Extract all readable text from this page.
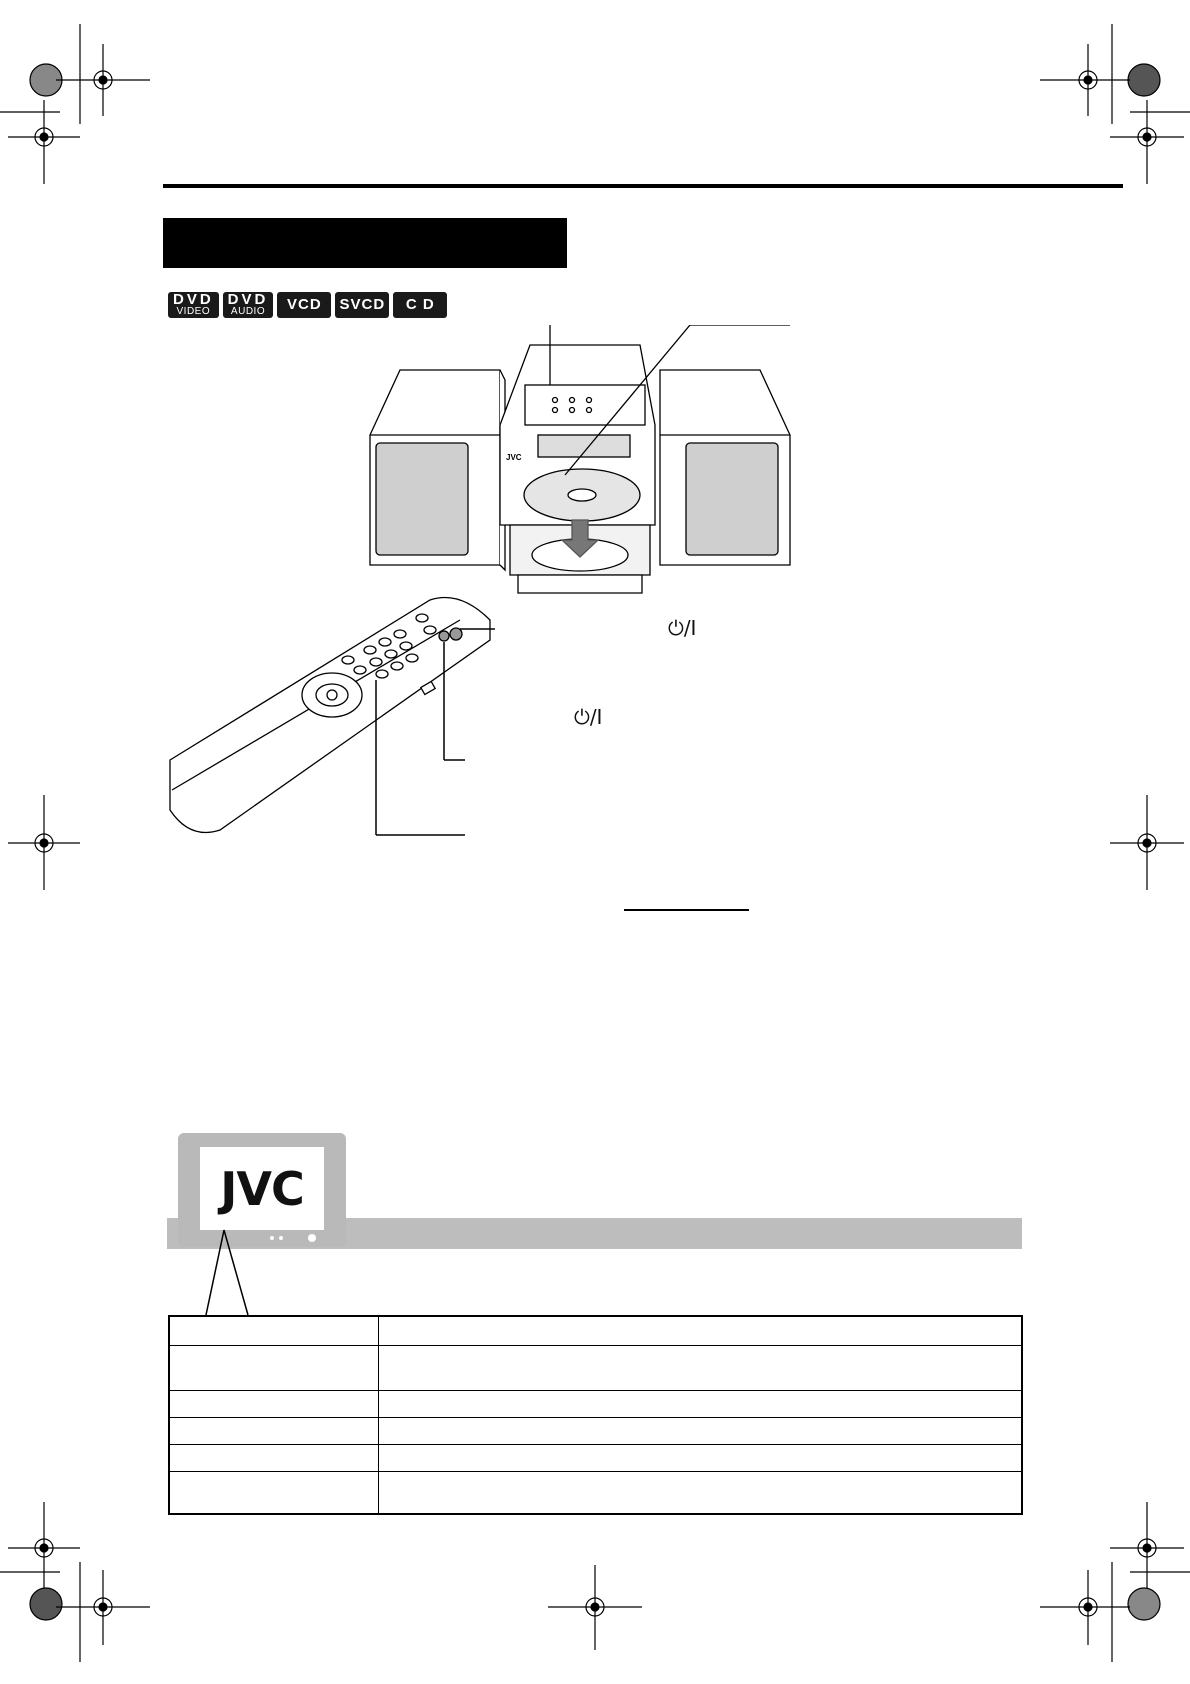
DVD
VIDEO
DVD
AUDIO VCD SVCD C D
JVC
⏻/I
⏻/I
JVC
